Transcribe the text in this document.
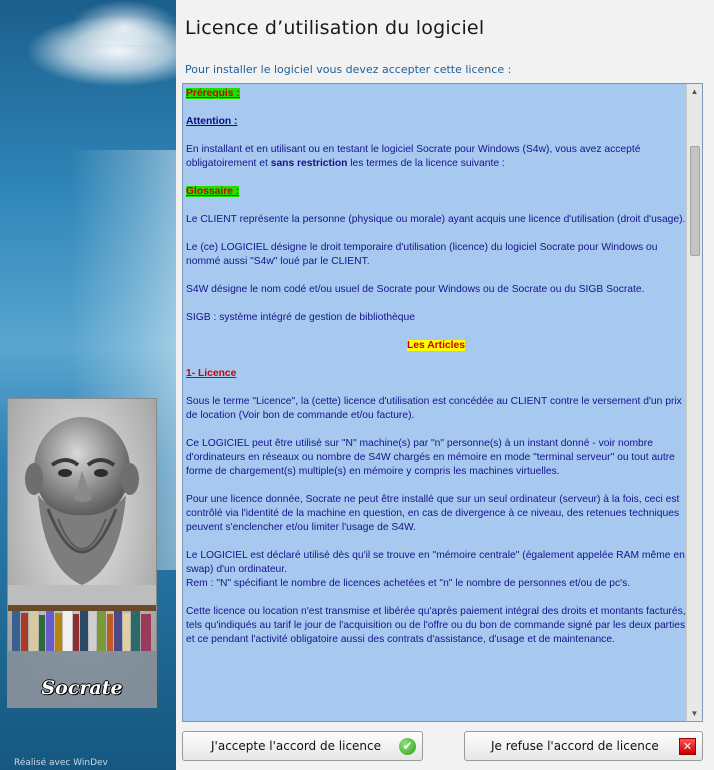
Socrate
Réalisé avec WinDev
Licence d’utilisation du logiciel
Pour installer le logiciel vous devez accepter cette licence :

Prérequis :

Attention :

En installant et en utilisant ou en testant le logiciel Socrate pour Windows (S4w), vous avez accepté obligatoirement et sans restriction les termes de la licence suivante :

Glossaire :

Le CLIENT représente la personne (physique ou morale) ayant acquis une licence d'utilisation (droit d'usage).

Le (ce) LOGICIEL désigne le droit temporaire d'utilisation (licence) du logiciel Socrate pour Windows ou nommé aussi "S4w" loué par le CLIENT.

S4W désigne le nom codé et/ou usuel de Socrate pour Windows ou de Socrate ou du SIGB Socrate.

SIGB : système intégré de gestion de bibliothèque

Les Articles

1- Licence

Sous le terme "Licence", la (cette) licence d'utilisation est concédée au CLIENT contre le versement d'un prix de location (Voir bon de commande et/ou facture).

Ce LOGICIEL peut être utilisé sur "N" machine(s) par "n" personne(s) à un instant donné - voir nombre d'ordinateurs en réseaux ou nombre de S4W chargés en mémoire en mode "terminal serveur" ou tout autre forme de chargement(s) multiple(s) en mémoire y compris les machines virtuelles.

Pour une licence donnée, Socrate ne peut être installé que sur un seul ordinateur (serveur) à la fois, ceci est contrôlé via l'identité de la machine en question, en cas de divergence à ce niveau, des retenues techniques peuvent s'enclencher et/ou limiter l'usage de S4W.

Le LOGICIEL est déclaré utilisé dès qu'il se trouve en "mémoire centrale" (également appelée RAM même en swap) d'un ordinateur.
Rem : "N" spécifiant le nombre de licences achetées et "n" le nombre de personnes et/ou de pc's.

Cette licence ou location n'est transmise et libérée qu'après paiement intégral des droits et montants facturés, tels qu'indiqués au tarif le jour de l'acquisition ou de l'offre ou du bon de commande signé par les deux parties et ce pendant l'activité obligatoire aussi des contrats d'assistance, d'usage et de maintenance.

▲
▼
J'accepte l'accord de licence ✔	Je refuse l'accord de licence	✕
